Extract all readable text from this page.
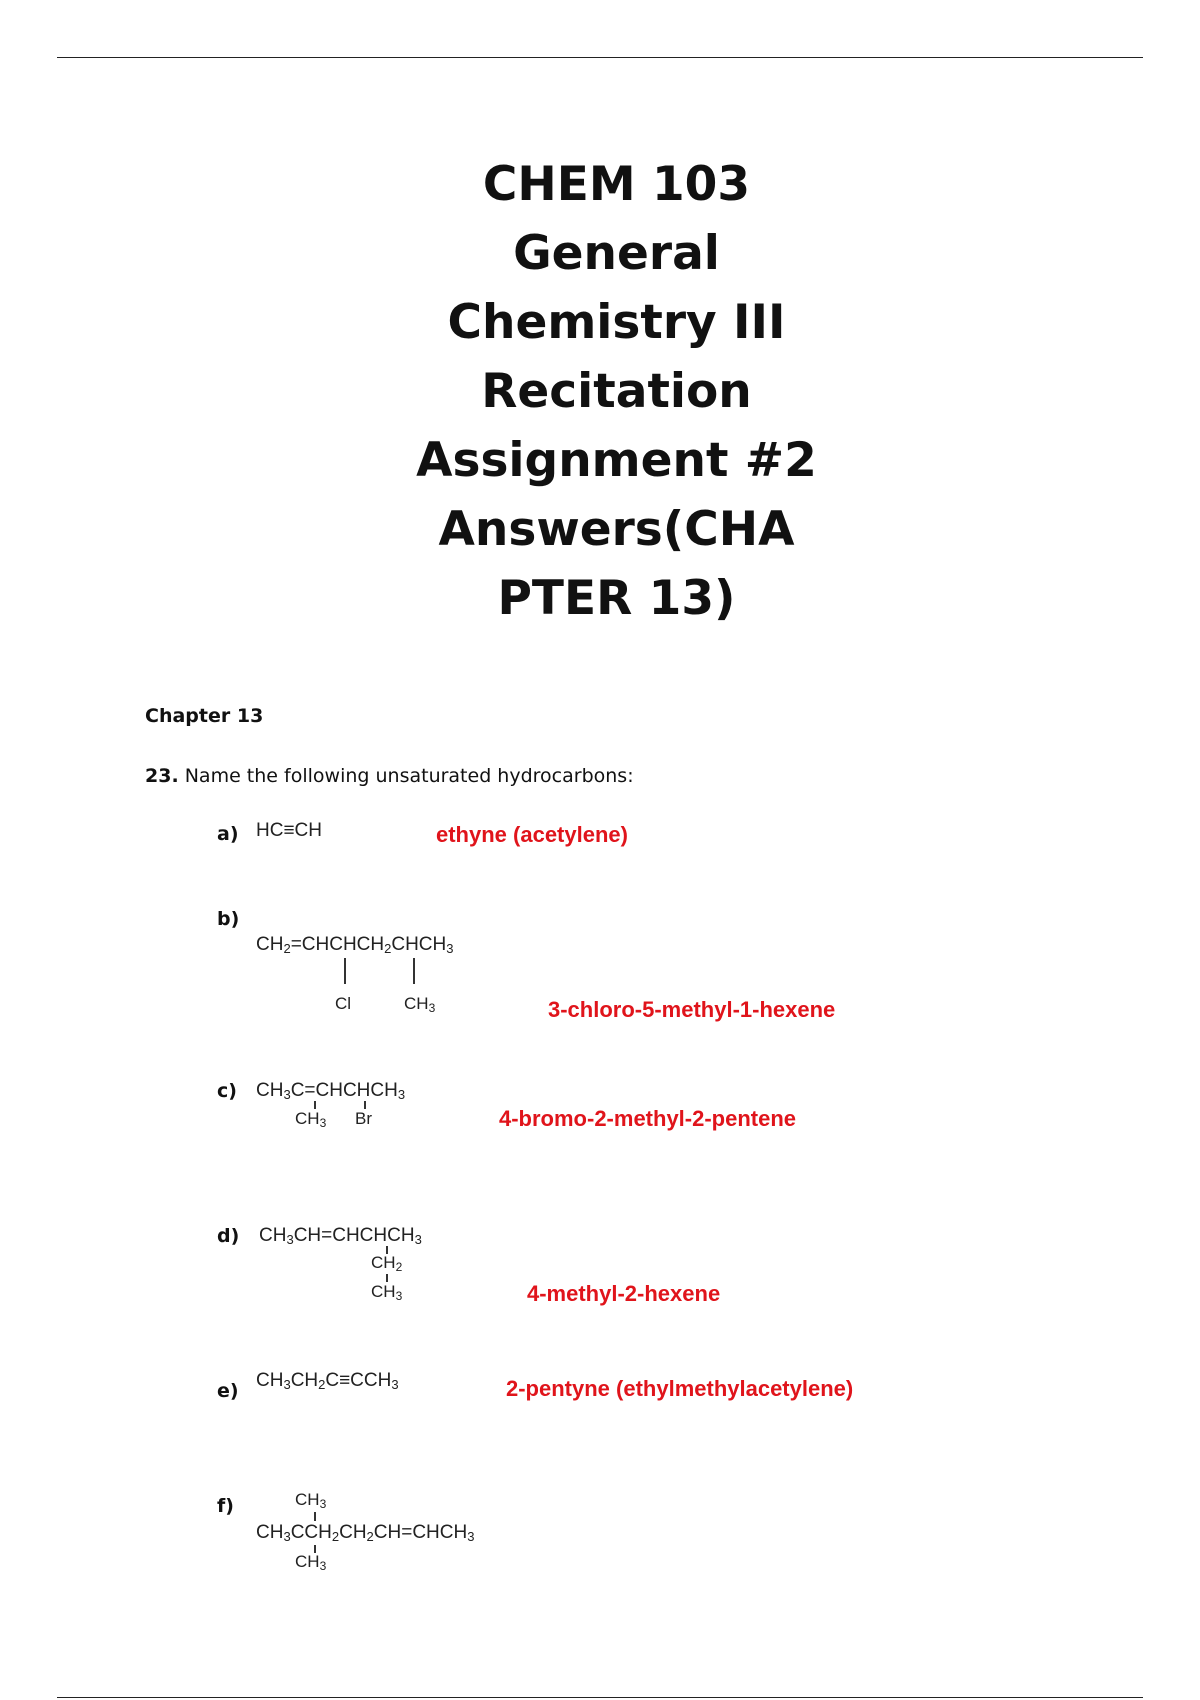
CHEM 103
General
Chemistry III
Recitation
Assignment #2
Answers(CHA
PTER 13)
Chapter 13
23. Name the following unsaturated hydrocarbons:
a) HC≡CH	ethyne (acetylene)
b)
$CH_2=CHCHCH_2CHCH_3$
Cl	$CH_3$	3-chloro-5-methyl-1-hexene
c) $CH_3C=CHCHCH_3$
$CH_3$ Br	4-bromo-2-methyl-2-pentene
d) $CH_3CH=CHCHCH_3$
$CH_2$
$CH_3$	4-methyl-2-hexene
e) $CH_3CH_2C\equiv CCH_3$	2-pentyne (ethylmethylacetylene)
f)	$CH_3$
$CH_3CCH_2CH_2CH=CHCH_3$
$CH_3$
